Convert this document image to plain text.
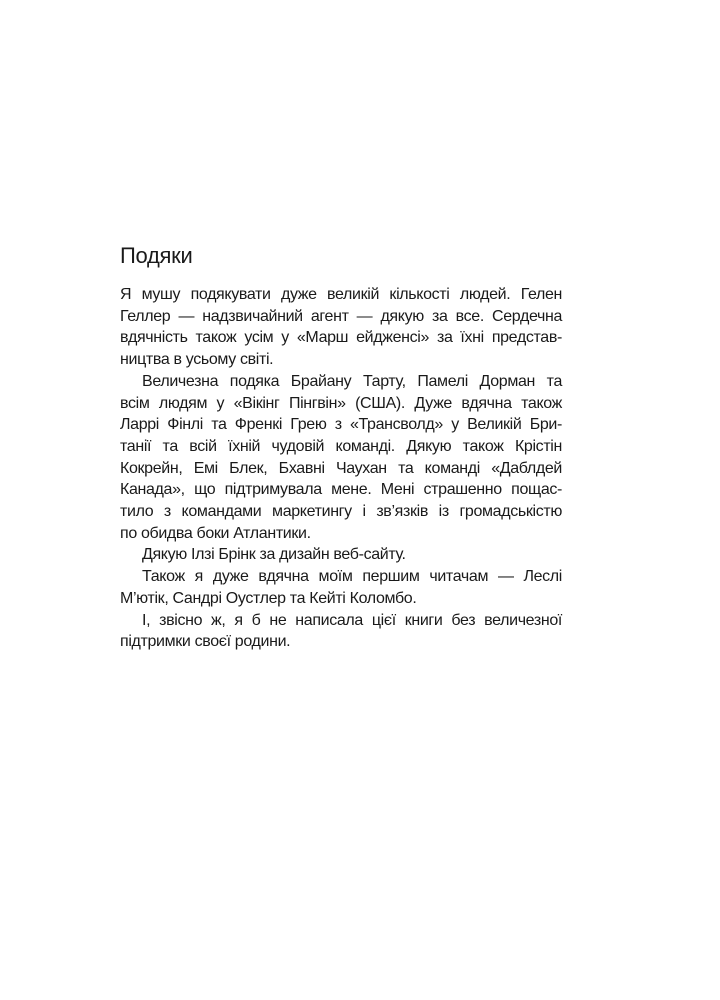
Подяки
Я мушу подякувати дуже великій кількості людей. Гелен
Геллер — надзвичайний агент — дякую за все. Сердечна
вдячність також усім у «Марш ейдженсі» за їхні представ-
ництва в усьому світі.
Величезна подяка Брайану Тарту, Памелі Дорман та
всім людям у «Вікінг Пінгвін» (США). Дуже вдячна також
Ларрі Фінлі та Френкі Грею з «Трансволд» у Великій Бри-
танії та всій їхній чудовій команді. Дякую також Крістін
Кокрейн, Емі Блек, Бхавні Чаухан та команді «Даблдей
Канада», що підтримувала мене. Мені страшенно пощас-
тило з командами маркетингу і зв’язків із громадськістю
по обидва боки Атлантики.
Дякую Ілзі Брінк за дизайн веб-сайту.
Також я дуже вдячна моїм першим читачам — Леслі
М’ютік, Сандрі Оустлер та Кейті Коломбо.
І, звісно ж, я б не написала цієї книги без величезної
підтримки своєї родини.
